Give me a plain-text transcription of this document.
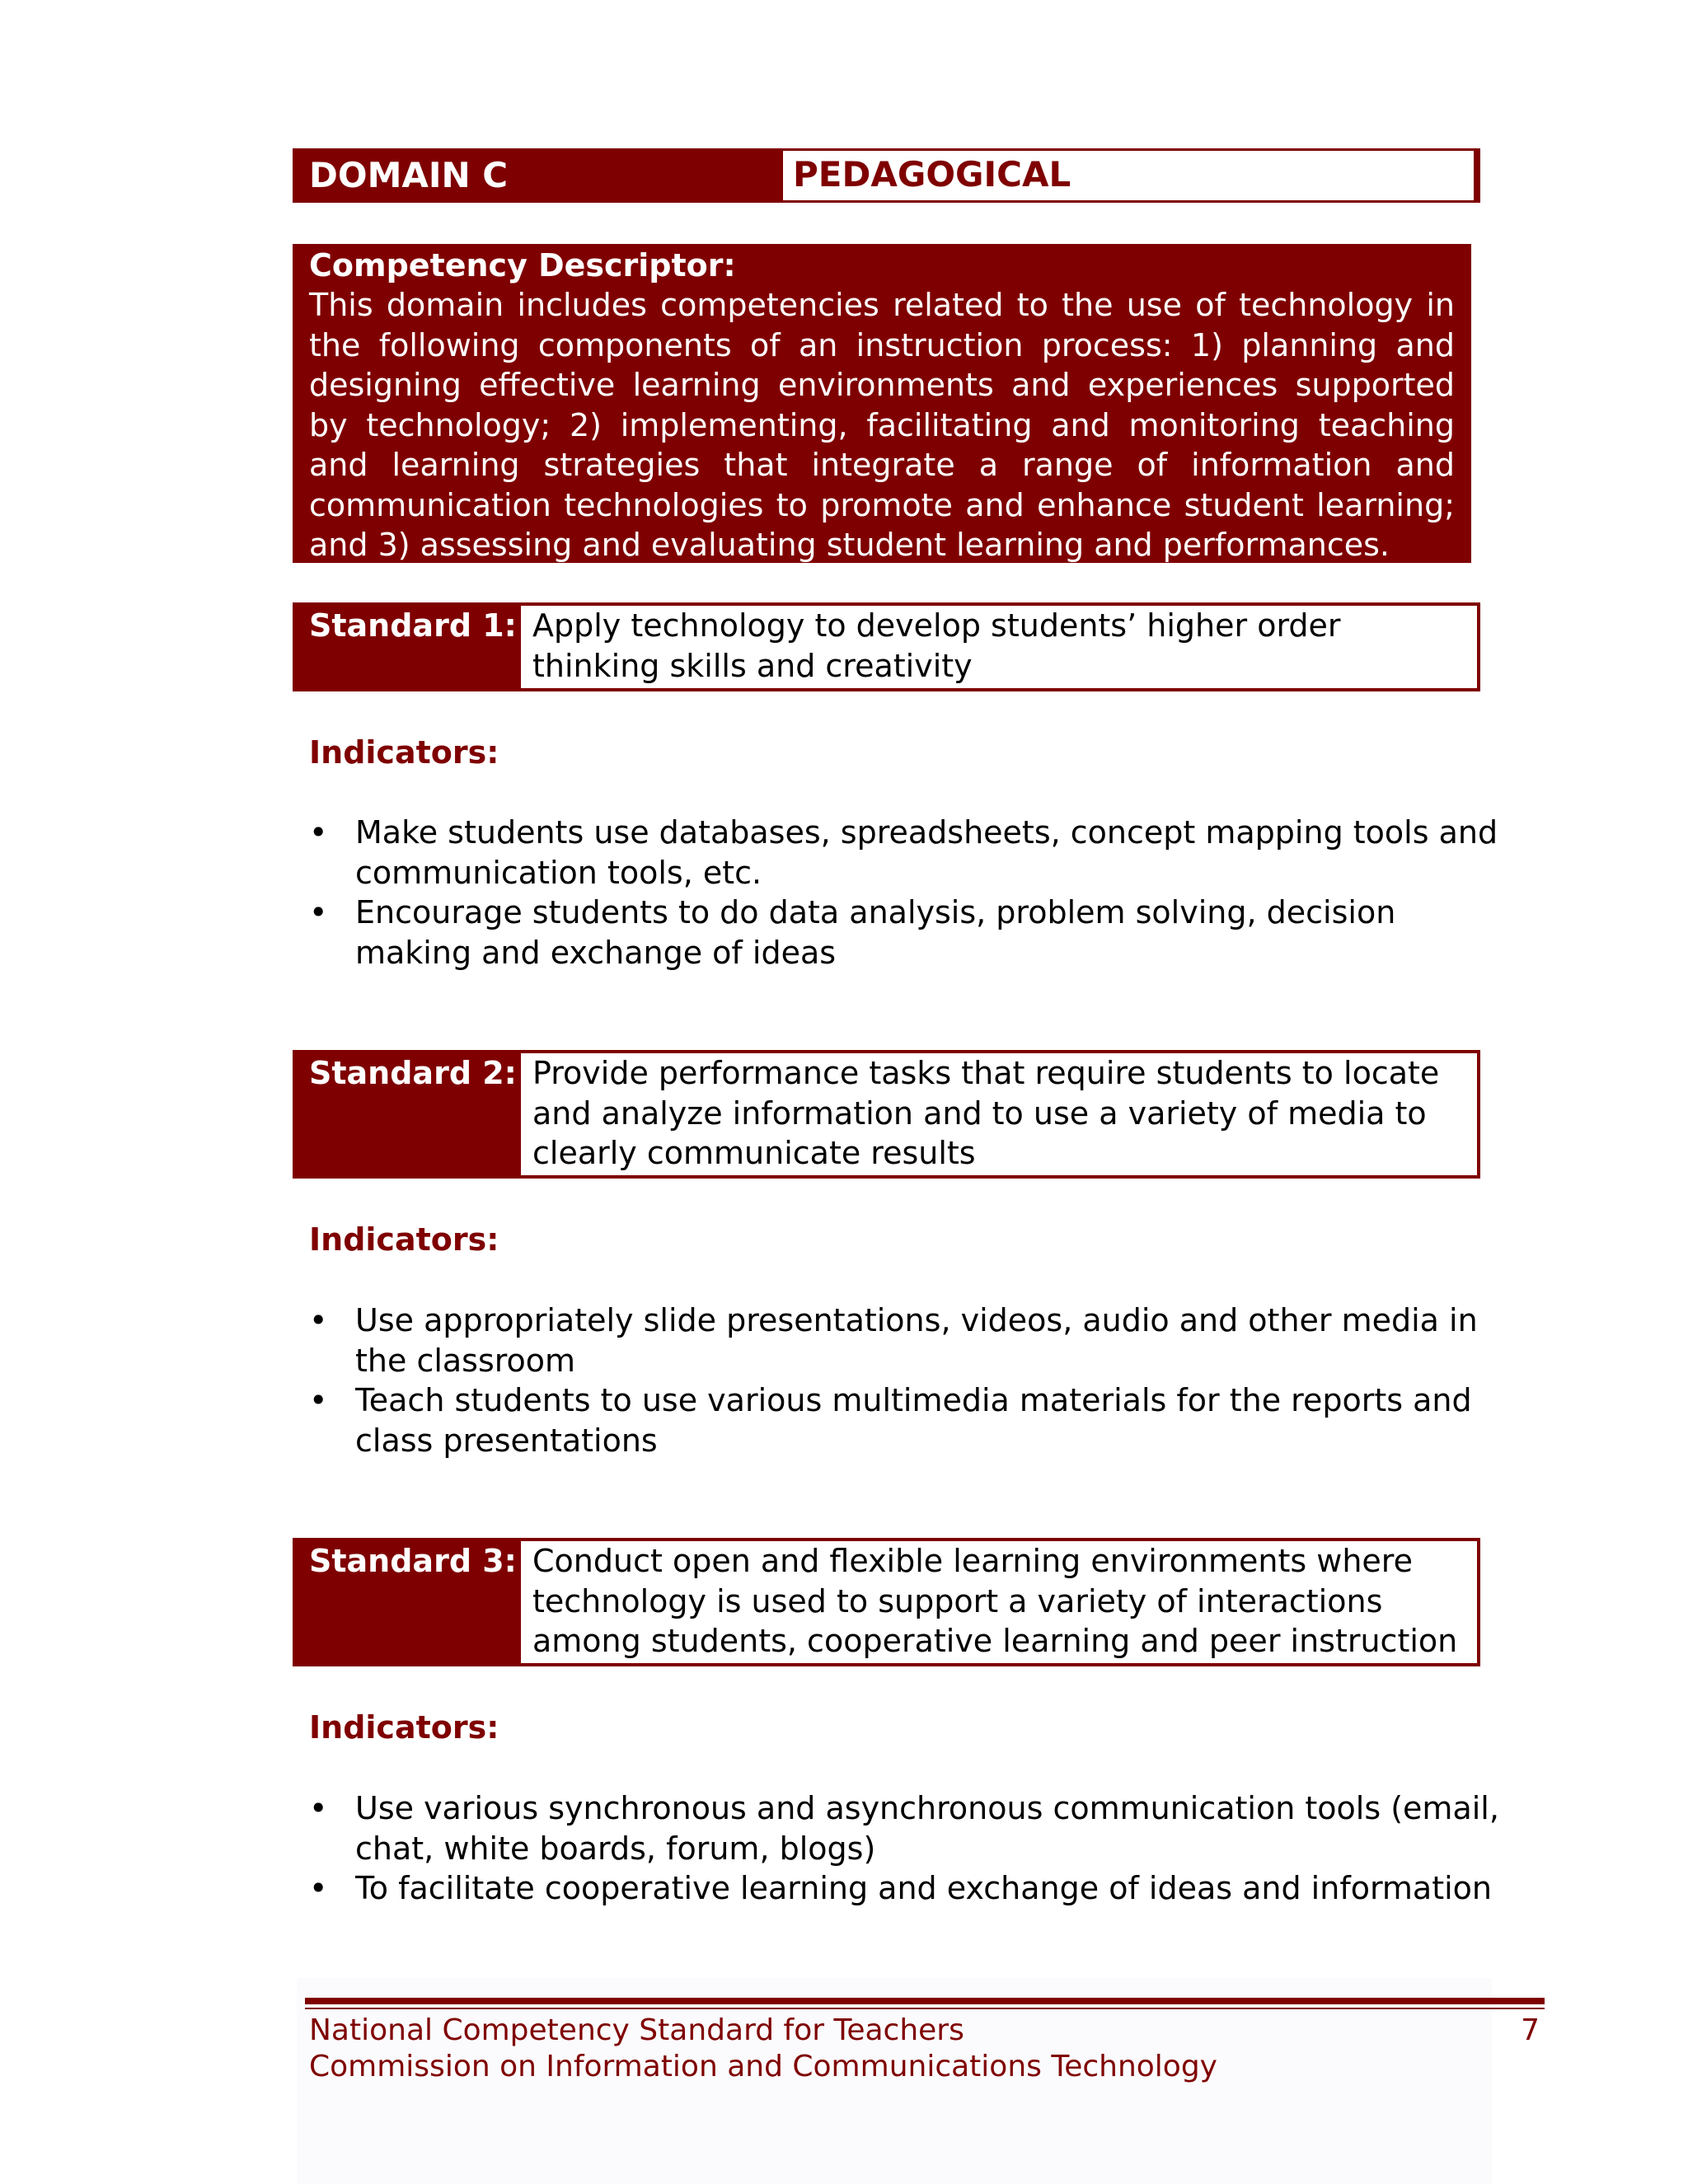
DOMAIN C	PEDAGOGICAL
Competency Descriptor:
This domain includes competencies related to the use of technology in the following components of an instruction process: 1) planning and designing effective learning environments and experiences supported by technology; 2) implementing, facilitating and monitoring teaching and learning strategies that integrate a range of information and communication technologies to promote and enhance student learning; and 3) assessing and evaluating student learning and performances.
Standard 1: Apply technology to develop students’ higher order thinking skills and creativity
Indicators:
• Make students use databases, spreadsheets, concept mapping tools and communication tools, etc.
• Encourage students to do data analysis, problem solving, decision making and exchange of ideas
Standard 2: Provide performance tasks that require students to locate and analyze information and to use a variety of media to clearly communicate results
Indicators:
• Use appropriately slide presentations, videos, audio and other media in the classroom
• Teach students to use various multimedia materials for the reports and class presentations
Standard 3: Conduct open and flexible learning environments where technology is used to support a variety of interactions among students, cooperative learning and peer instruction
Indicators:
• Use various synchronous and asynchronous communication tools (email, chat, white boards, forum, blogs)
• To facilitate cooperative learning and exchange of ideas and information
National Competency Standard for Teachers
Commission on Information and Communications Technology
7
